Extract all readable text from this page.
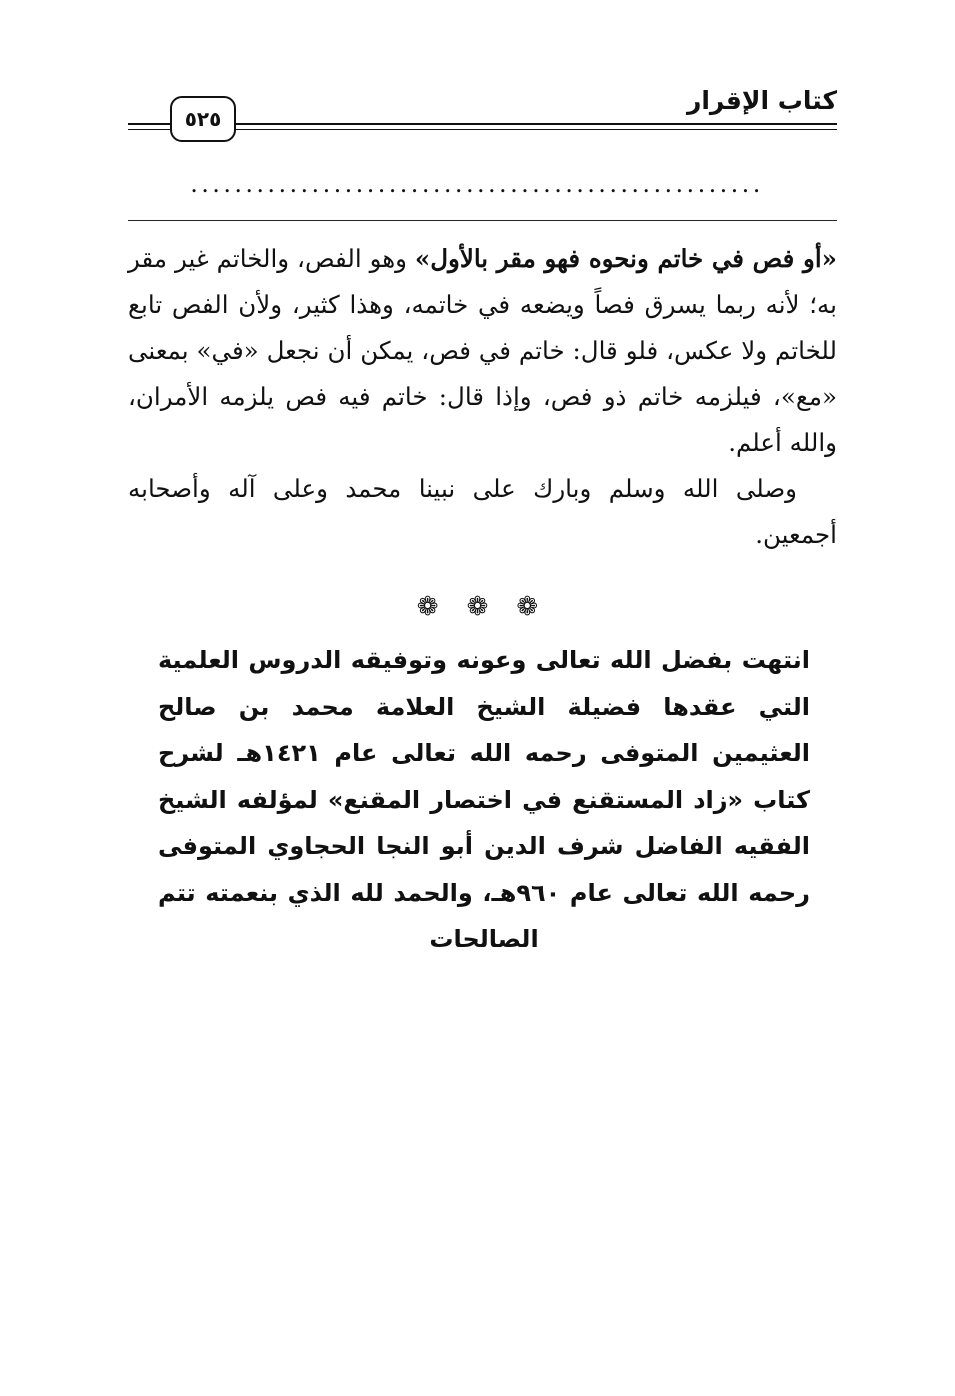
كتاب الإقرار
٥٢٥
....................................................

«أو فص في خاتم ونحوه فهو مقر بالأول» وهو الفص، والخاتم غير مقر به؛ لأنه ربما يسرق فصاً ويضعه في خاتمه، وهذا كثير، ولأن الفص تابع للخاتم ولا عكس، فلو قال: خاتم في فص، يمكن أن نجعل «في» بمعنى «مع»، فيلزمه خاتم ذو فص، وإذا قال: خاتم فيه فص يلزمه الأمران، والله أعلم.

وصلى الله وسلم وبارك على نبينا محمد وعلى آله وأصحابه أجمعين.

❁❁❁
انتهت بفضل الله تعالى وعونه وتوفيقه الدروس العلمية التي عقدها فضيلة الشيخ العلامة محمد بن صالح العثيمين المتوفى رحمه الله تعالى عام ١٤٢١هـ لشرح كتاب «زاد المستقنع في اختصار المقنع» لمؤلفه الشيخ الفقيه الفاضل شرف الدين أبو النجا الحجاوي المتوفى رحمه الله تعالى عام ٩٦٠هـ، والحمد لله الذي بنعمته تتم الصالحات
